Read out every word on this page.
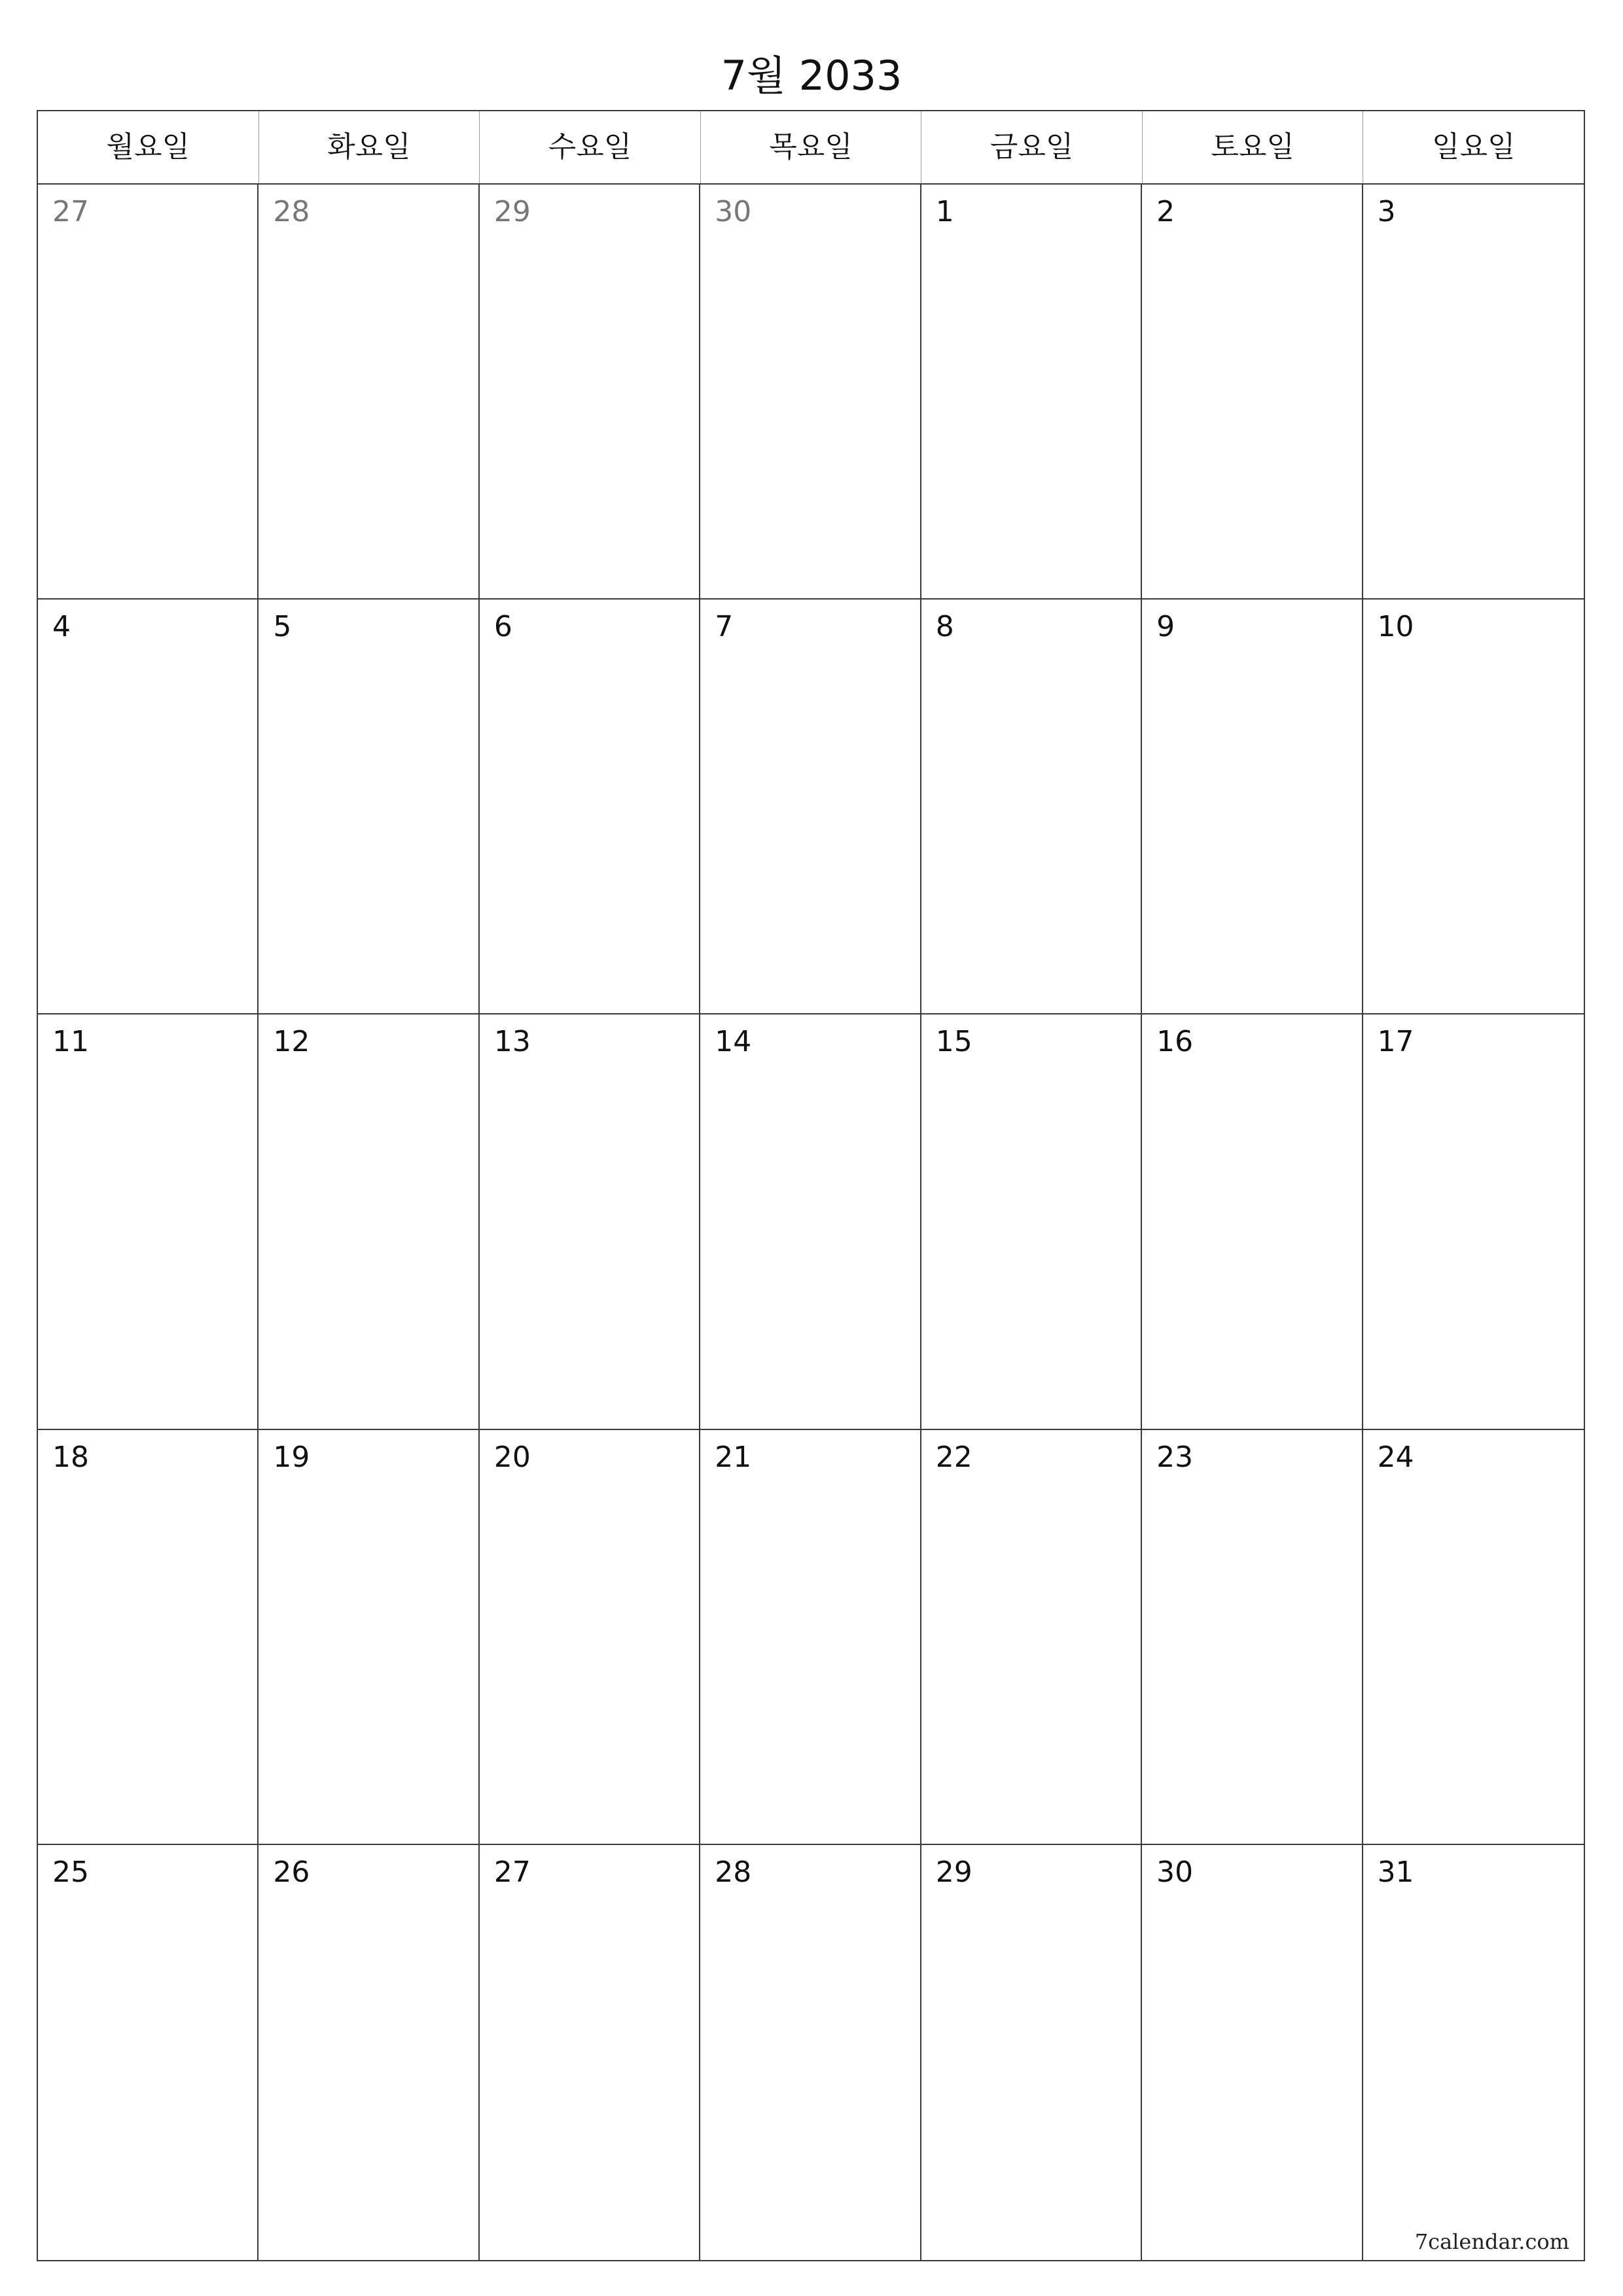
7월 2033
월요일	화요일	수요일	목요일	금요일	토요일	일요일
27	28	29	30	1	2	3
4	5	6	7	8	9	10
11	12	13	14	15	16	17
18	19	20	21	22	23	24
25	26	27	28	29	30	31
7calendar.com
